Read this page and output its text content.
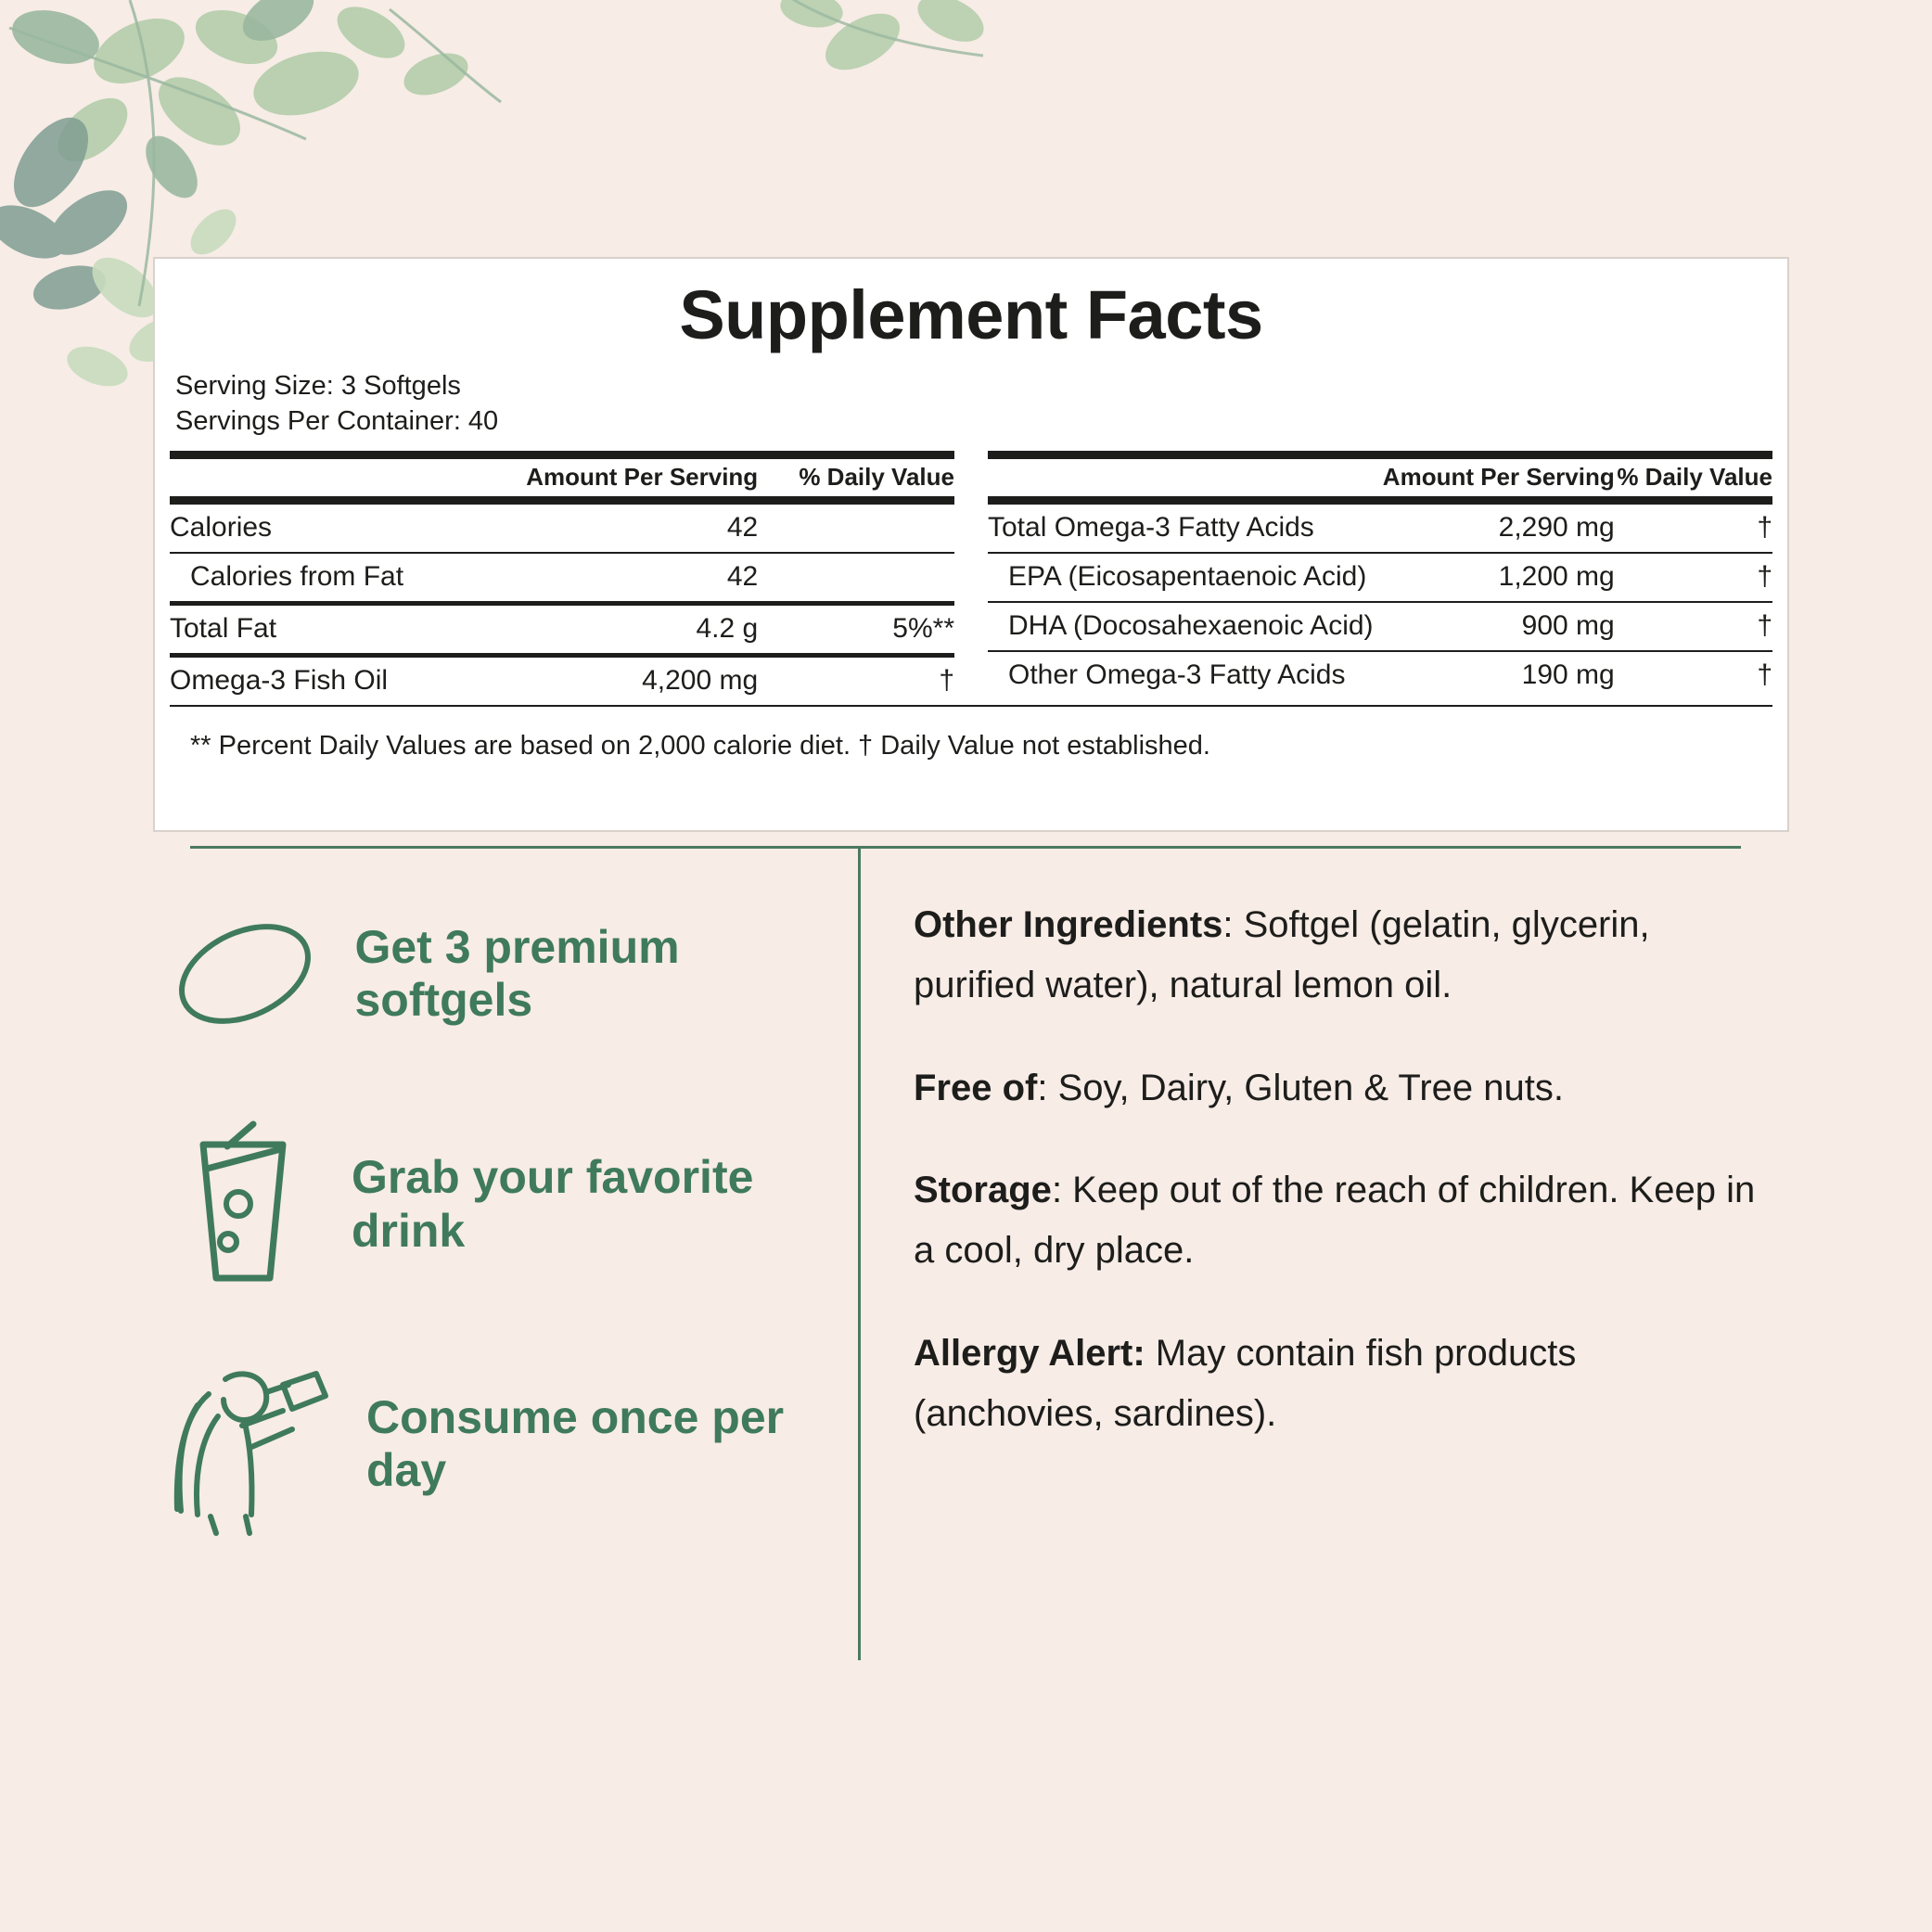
Supplement Facts
Serving Size: 3 Softgels
Servings Per Container: 40
	Amount Per Serving	% Daily Value
Calories	42	
Calories from Fat	42	
Total Fat	4.2 g	5%**
Omega-3 Fish Oil	4,200 mg	†
	Amount Per Serving	% Daily Value
Total Omega-3 Fatty Acids	2,290 mg	†
EPA (Eicosapentaenoic Acid)	1,200 mg	†
DHA (Docosahexaenoic Acid)	900 mg	†
Other Omega-3 Fatty Acids	190 mg	†
** Percent Daily Values are based on 2,000 calorie diet. † Daily Value not established.
Get 3 premium softgels
Grab your favorite drink
Consume once per day

Other Ingredients: Softgel (gelatin, glycerin, purified water), natural lemon oil.

Free of: Soy, Dairy, Gluten & Tree nuts.

Storage: Keep out of the reach of children. Keep in a cool, dry place.

Allergy Alert: May contain fish products (anchovies, sardines).
